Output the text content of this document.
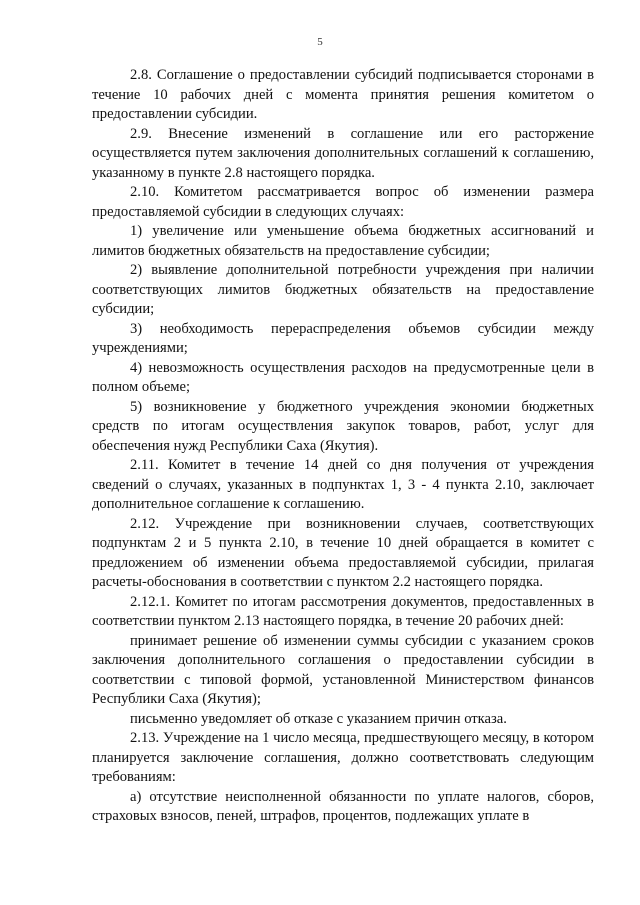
5

2.8. Соглашение о предоставлении субсидий подписывается сторонами в течение 10 рабочих дней с момента принятия решения комитетом о предоставлении субсидии.

2.9. Внесение изменений в соглашение или его расторжение осуществляется путем заключения дополнительных соглашений к соглашению, указанному в пункте 2.8 настоящего порядка.

2.10. Комитетом рассматривается вопрос об изменении размера предоставляемой субсидии в следующих случаях:

1) увеличение или уменьшение объема бюджетных ассигнований и лимитов бюджетных обязательств на предоставление субсидии;

2) выявление дополнительной потребности учреждения при наличии соответствующих лимитов бюджетных обязательств на предоставление субсидии;

3) необходимость перераспределения объемов субсидии между учреждениями;

4) невозможность осуществления расходов на предусмотренные цели в полном объеме;

5) возникновение у бюджетного учреждения экономии бюджетных средств по итогам осуществления закупок товаров, работ, услуг для обеспечения нужд Республики Саха (Якутия).

2.11. Комитет в течение 14 дней со дня получения от учреждения сведений о случаях, указанных в подпунктах 1, 3 - 4 пункта 2.10, заключает дополнительное соглашение к соглашению.

2.12. Учреждение при возникновении случаев, соответствующих подпунктам 2 и 5 пункта 2.10, в течение 10 дней обращается в комитет с предложением об изменении объема предоставляемой субсидии, прилагая расчеты-обоснования в соответствии с пунктом 2.2 настоящего порядка.

2.12.1. Комитет по итогам рассмотрения документов, предоставленных в соответствии пунктом 2.13 настоящего порядка, в течение 20 рабочих дней:

принимает решение об изменении суммы субсидии с указанием сроков заключения дополнительного соглашения о предоставлении субсидии в соответствии с типовой формой, установленной Министерством финансов Республики Саха (Якутия);

письменно уведомляет об отказе с указанием причин отказа.

2.13. Учреждение на 1 число месяца, предшествующего месяцу, в котором планируется заключение соглашения, должно соответствовать следующим требованиям:

а) отсутствие неисполненной обязанности по уплате налогов, сборов, страховых взносов, пеней, штрафов, процентов, подлежащих уплате в
